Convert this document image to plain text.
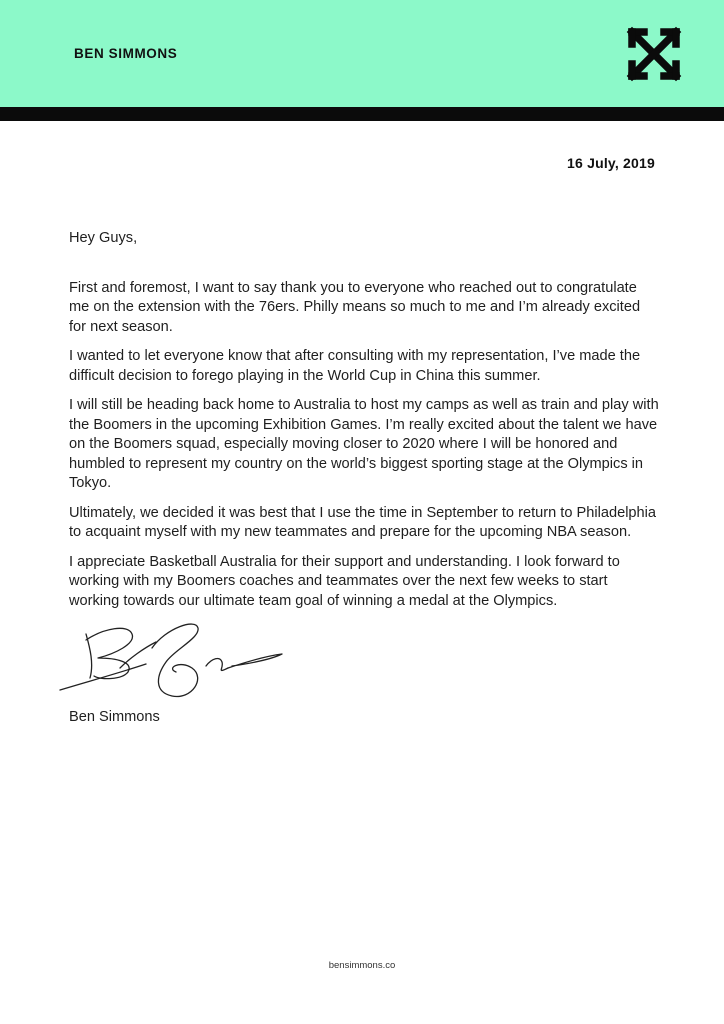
BEN SIMMONS
16 July, 2019

Hey Guys,

First and foremost, I want to say thank you to everyone who reached out to congratulate me on the extension with the 76ers. Philly means so much to me and I’m already excited for next season.

I wanted to let everyone know that after consulting with my representation, I’ve made the difficult decision to forego playing in the World Cup in China this summer.

I will still be heading back home to Australia to host my camps as well as train and play with the Boomers in the upcoming Exhibition Games. I’m really excited about the talent we have on the Boomers squad, especially moving closer to 2020 where I will be honored and humbled to represent my country on the world’s biggest sporting stage at the Olympics in Tokyo.

Ultimately, we decided it was best that I use the time in September to return to Philadelphia to acquaint myself with my new teammates and prepare for the upcoming NBA season.

I appreciate Basketball Australia for their support and understanding. I look forward to working with my Boomers coaches and teammates over the next few weeks to start working towards our ultimate team goal of winning a medal at the Olympics.

Ben Simmons
bensimmons.co
